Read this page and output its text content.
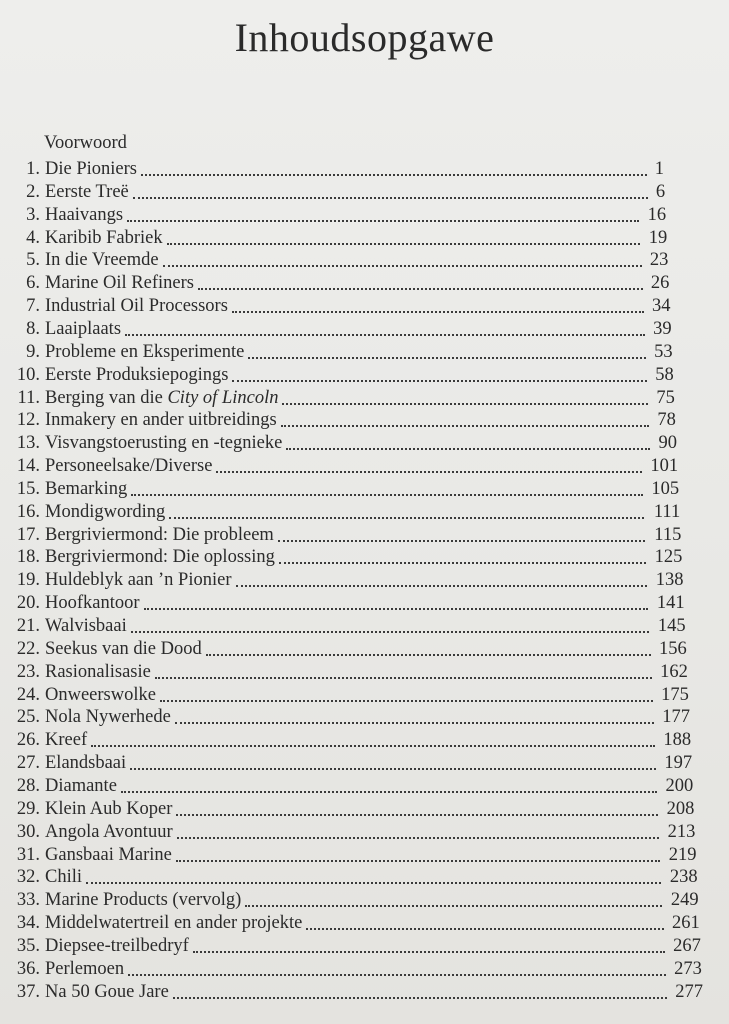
Inhoudsopgawe
Voorwoord
1. Die Pioniers	1
2. Eerste Treë	6
3. Haaivangs	16
4. Karibib Fabriek	19
5. In die Vreemde	23
6. Marine Oil Refiners	26
7. Industrial Oil Processors	34
8. Laaiplaats	39
9. Probleme en Eksperimente	53
10. Eerste Produksiepogings	58
11. Berging van die City of Lincoln	75
12. Inmakery en ander uitbreidings	78
13. Visvangstoerusting en -tegnieke	90
14. Personeelsake/Diverse	101
15. Bemarking	105
16. Mondigwording	111
17. Bergriviermond: Die probleem	115
18. Bergriviermond: Die oplossing	125
19. Huldeblyk aan ’n Pionier	138
20. Hoofkantoor	141
21. Walvisbaai	145
22. Seekus van die Dood	156
23. Rasionalisasie	162
24. Onweerswolke	175
25. Nola Nywerhede	177
26. Kreef	188
27. Elandsbaai	197
28. Diamante	200
29. Klein Aub Koper	208
30. Angola Avontuur	213
31. Gansbaai Marine	219
32. Chili	238
33. Marine Products (vervolg)	249
34. Middelwatertreil en ander projekte	261
35. Diepsee-treilbedryf	267
36. Perlemoen	273
37. Na 50 Goue Jare	277
